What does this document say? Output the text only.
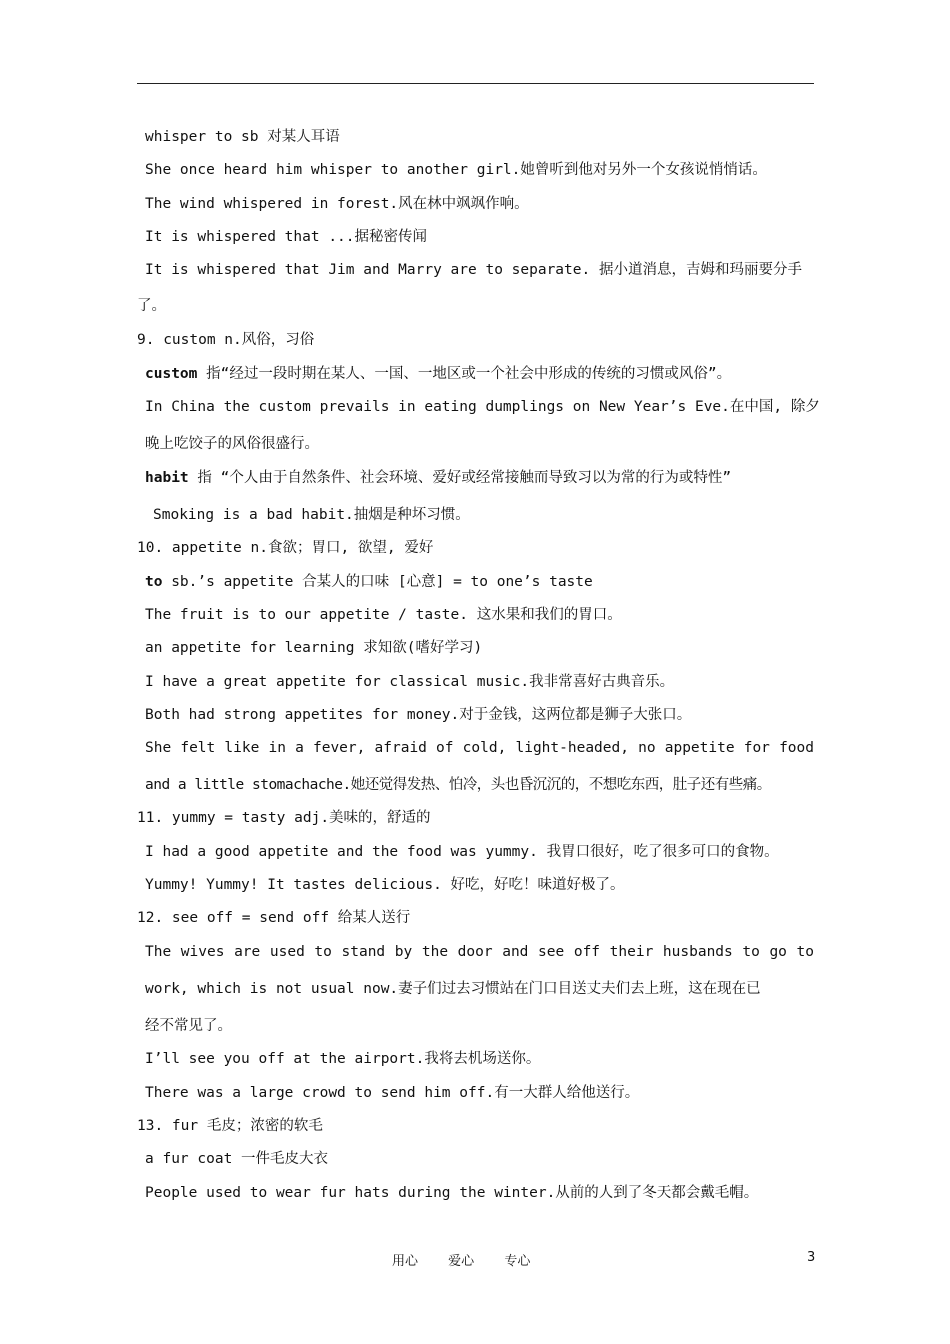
whisper to sb 对某人耳语
She once heard him whisper to another girl.她曾听到他对另外一个女孩说悄悄话。
The wind whispered in forest.风在林中飒飒作响。
It is whispered that ...据秘密传闻
It is whispered that Jim and Marry are to separate. 据小道消息，吉姆和玛丽要分手
了。
9. custom n.风俗，习俗
custom 指“经过一段时期在某人、一国、一地区或一个社会中形成的传统的习惯或风俗”。
In China the custom prevails in eating dumplings on New Year’s Eve.在中国, 除夕
晚上吃饺子的风俗很盛行。
habit 指 “个人由于自然条件、社会环境、爱好或经常接触而导致习以为常的行为或特性”
Smoking is a bad habit.抽烟是种坏习惯。
10. appetite n.食欲；胃口, 欲望, 爱好
to sb.’s appetite 合某人的口味 [心意] = to one’s taste
The fruit is to our appetite / taste. 这水果和我们的胃口。
an appetite for learning 求知欲(嗜好学习)
I have a great appetite for classical music.我非常喜好古典音乐。
Both had strong appetites for money.对于金钱，这两位都是狮子大张口。
She felt like in a fever, afraid of cold, light-headed, no appetite for food
and a little stomachache.她还觉得发热、怕冷，头也昏沉沉的，不想吃东西，肚子还有些痛。
11. yummy = tasty adj.美味的，舒适的
I had a good appetite and the food was yummy. 我胃口很好，吃了很多可口的食物。
Yummy! Yummy! It tastes delicious. 好吃，好吃！味道好极了。
12. see off = send off 给某人送行
The wives are used to stand by the door and see off their husbands to go to
work, which is not usual now.妻子们过去习惯站在门口目送丈夫们去上班，这在现在已
经不常见了。
I’ll see you off at the airport.我将去机场送你。
There was a large crowd to send him off.有一大群人给他送行。
13. fur 毛皮；浓密的软毛
a fur coat 一件毛皮大衣
People used to wear fur hats during the winter.从前的人到了冬天都会戴毛帽。
用心 爱心 专心	3
